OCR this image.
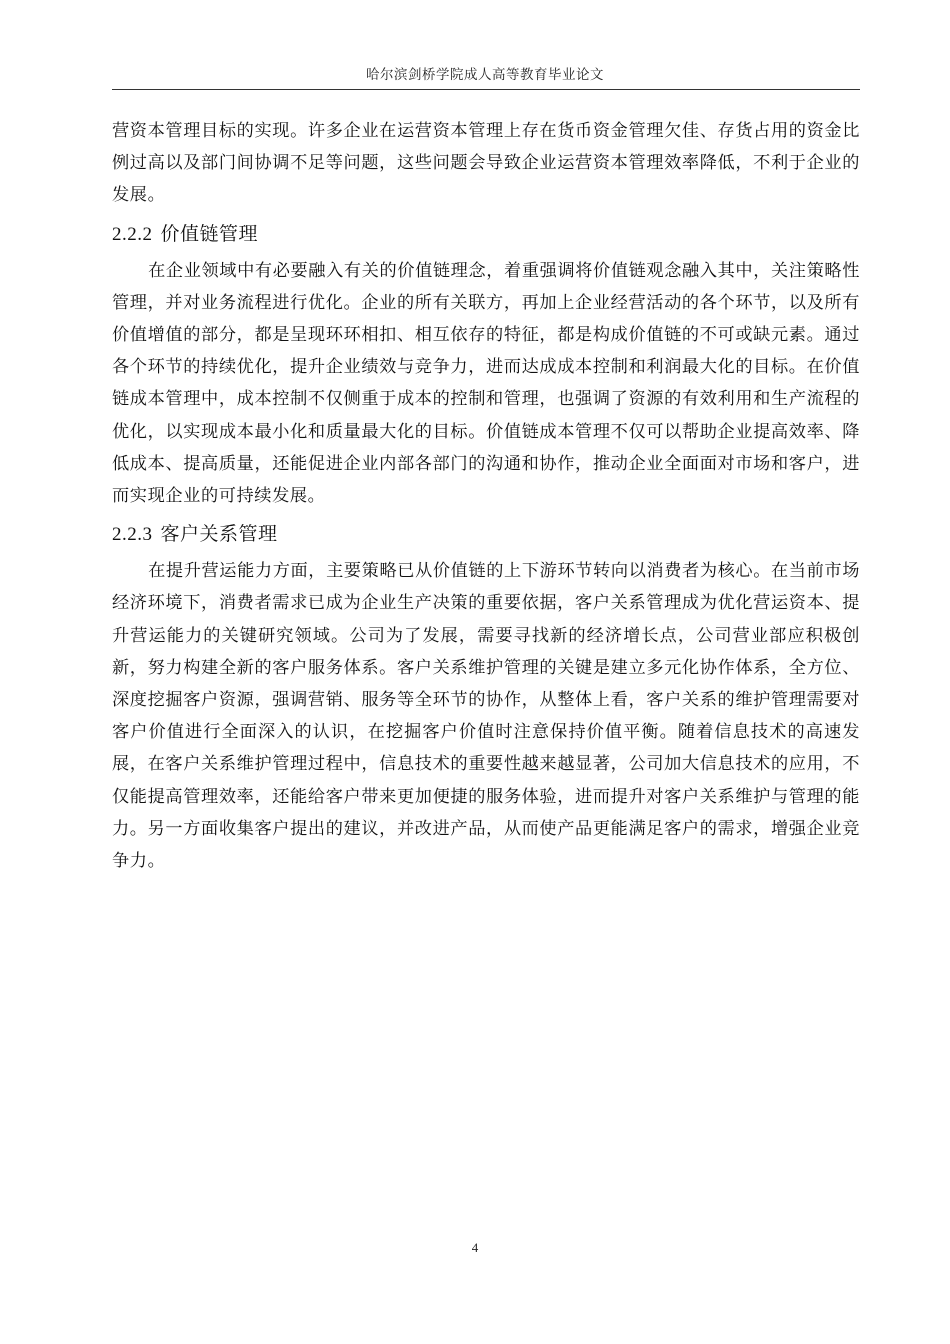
哈尔滨剑桥学院成人高等教育毕业论文

营资本管理目标的实现。许多企业在运营资本管理上存在货币资金管理欠佳、存货占用的资金比例过高以及部门间协调不足等问题，这些问题会导致企业运营资本管理效率降低，不利于企业的发展。

2.2.2 价值链管理

在企业领域中有必要融入有关的价值链理念，着重强调将价值链观念融入其中，关注策略性管理，并对业务流程进行优化。企业的所有关联方，再加上企业经营活动的各个环节，以及所有价值增值的部分，都是呈现环环相扣、相互依存的特征，都是构成价值链的不可或缺元素。通过各个环节的持续优化，提升企业绩效与竞争力，进而达成成本控制和利润最大化的目标。在价值链成本管理中，成本控制不仅侧重于成本的控制和管理，也强调了资源的有效利用和生产流程的优化，以实现成本最小化和质量最大化的目标。价值链成本管理不仅可以帮助企业提高效率、降低成本、提高质量，还能促进企业内部各部门的沟通和协作，推动企业全面面对市场和客户，进而实现企业的可持续发展。

2.2.3 客户关系管理

在提升营运能力方面，主要策略已从价值链的上下游环节转向以消费者为核心。在当前市场经济环境下，消费者需求已成为企业生产决策的重要依据，客户关系管理成为优化营运资本、提升营运能力的关键研究领域。公司为了发展，需要寻找新的经济增长点，公司营业部应积极创新，努力构建全新的客户服务体系。客户关系维护管理的关键是建立多元化协作体系，全方位、深度挖掘客户资源，强调营销、服务等全环节的协作，从整体上看，客户关系的维护管理需要对客户价值进行全面深入的认识，在挖掘客户价值时注意保持价值平衡。随着信息技术的高速发展，在客户关系维护管理过程中，信息技术的重要性越来越显著，公司加大信息技术的应用，不仅能提高管理效率，还能给客户带来更加便捷的服务体验，进而提升对客户关系维护与管理的能力。另一方面收集客户提出的建议，并改进产品，从而使产品更能满足客户的需求，增强企业竞争力。

4
